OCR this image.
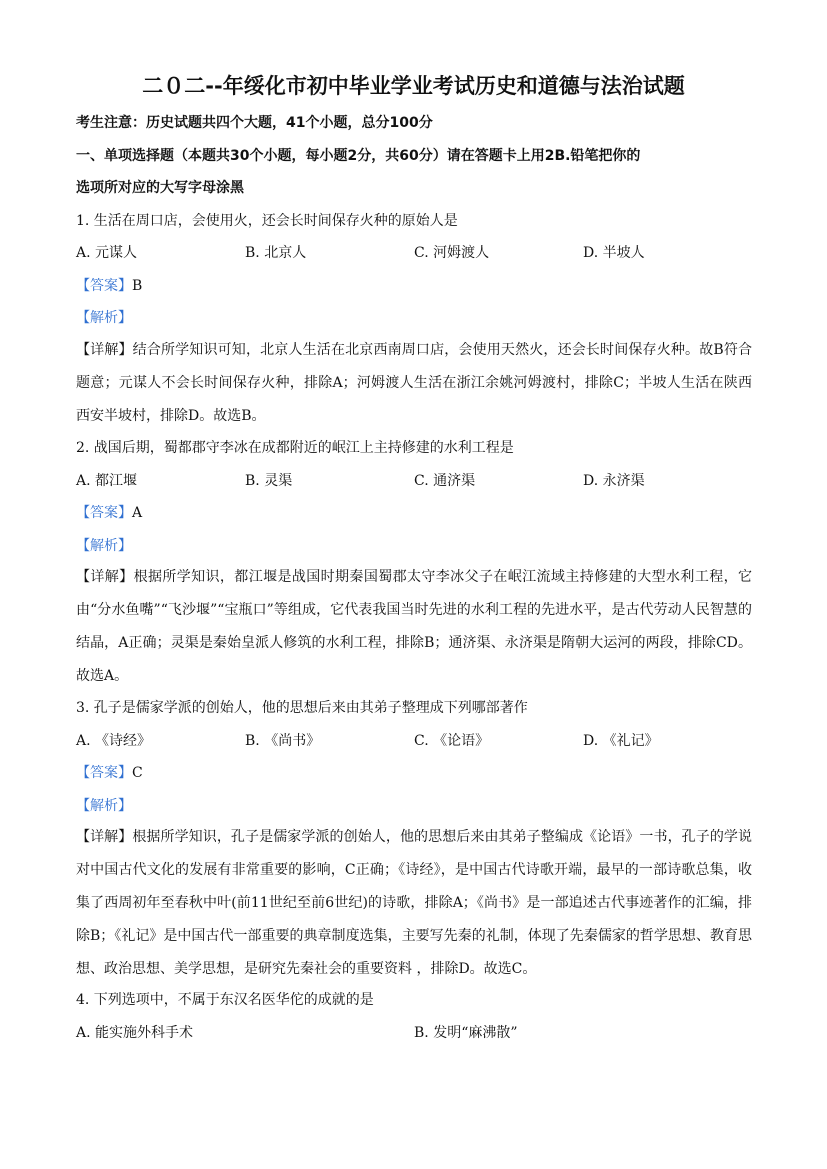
二０二--年绥化市初中毕业学业考试历史和道德与法治试题
考生注意：历史试题共四个大题，41个小题，总分100分
一、单项选择题（本题共30个小题，每小题2分，共60分）请在答题卡上用2B.铅笔把你的
选项所对应的大写字母涂黑
1. 生活在周口店，会使用火，还会长时间保存火种的原始人是
A. 元谋人	B. 北京人	C. 河姆渡人	D. 半坡人
【答案】B
【解析】
【详解】结合所学知识可知，北京人生活在北京西南周口店，会使用天然火，还会长时间保存火种。故B符合题意；元谋人不会长时间保存火种，排除A；河姆渡人生活在浙江余姚河姆渡村，排除C；半坡人生活在陕西西安半坡村，排除D。故选B。
2. 战国后期，蜀都郡守李冰在成都附近的岷江上主持修建的水利工程是
A. 都江堰	B. 灵渠	C. 通济渠	D. 永济渠
【答案】A
【解析】
【详解】根据所学知识，都江堰是战国时期秦国蜀郡太守李冰父子在岷江流域主持修建的大型水利工程，它由“分水鱼嘴”“飞沙堰”“宝瓶口”等组成，它代表我国当时先进的水利工程的先进水平，是古代劳动人民智慧的结晶，A正确；灵渠是秦始皇派人修筑的水利工程，排除B；通济渠、永济渠是隋朝大运河的两段，排除CD。故选A。
3. 孔子是儒家学派的创始人，他的思想后来由其弟子整理成下列哪部著作
A. 《诗经》	B. 《尚书》	C. 《论语》	D. 《礼记》
【答案】C
【解析】
【详解】根据所学知识，孔子是儒家学派的创始人，他的思想后来由其弟子整编成《论语》一书，孔子的学说对中国古代文化的发展有非常重要的影响，C正确；《诗经》，是中国古代诗歌开端，最早的一部诗歌总集，收集了西周初年至春秋中叶(前11世纪至前6世纪)的诗歌，排除A；《尚书》是一部追述古代事迹著作的汇编，排除B；《礼记》是中国古代一部重要的典章制度选集，主要写先秦的礼制，体现了先秦儒家的哲学思想、教育思想、政治思想、美学思想，是研究先秦社会的重要资料 ，排除D。故选C。
4. 下列选项中，不属于东汉名医华佗的成就的是
A. 能实施外科手术	B. 发明“麻沸散”
